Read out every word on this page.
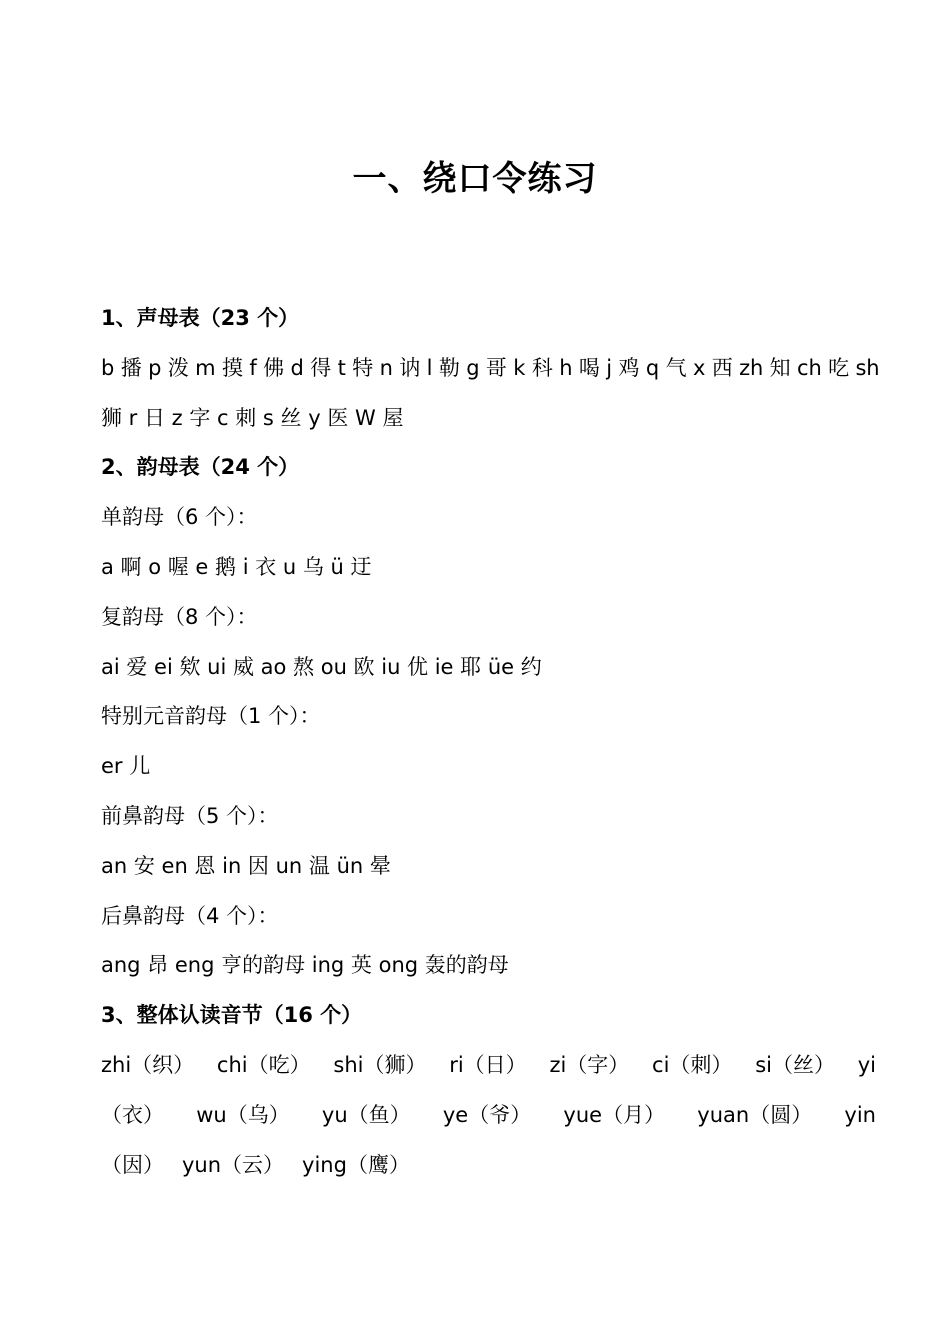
一、绕口令练习
1、声母表（23 个）
b 播 p 泼 m 摸 f 佛 d 得 t 特 n 讷 l 勒 g 哥 k 科 h 喝 j 鸡 q 气 x 西 zh 知 ch 吃 sh
狮 r 日 z 字 c 刺 s 丝 y 医 W 屋
2、韵母表（24 个）
单韵母（6 个）：
a 啊 o 喔 e 鹅 i 衣 u 乌 ü 迂
复韵母（8 个）：
ai 爱 ei 欸 ui 威 ao 熬 ou 欧 iu 优 ie 耶 üe 约
特别元音韵母（1 个）：
er 儿
前鼻韵母（5 个）：
an 安 en 恩 in 因 un 温 ün 晕
后鼻韵母（4 个）：
ang 昂 eng 亨的韵母 ing 英 ong 轰的韵母
3、整体认读音节（16 个）
zhi（织） chi（吃） shi（狮） ri（日） zi（字） ci（刺） si（丝） yi
（衣） wu（乌） yu（鱼） ye（爷） yue（月） yuan（圆） yin
（因） yun（云） ying（鹰）
